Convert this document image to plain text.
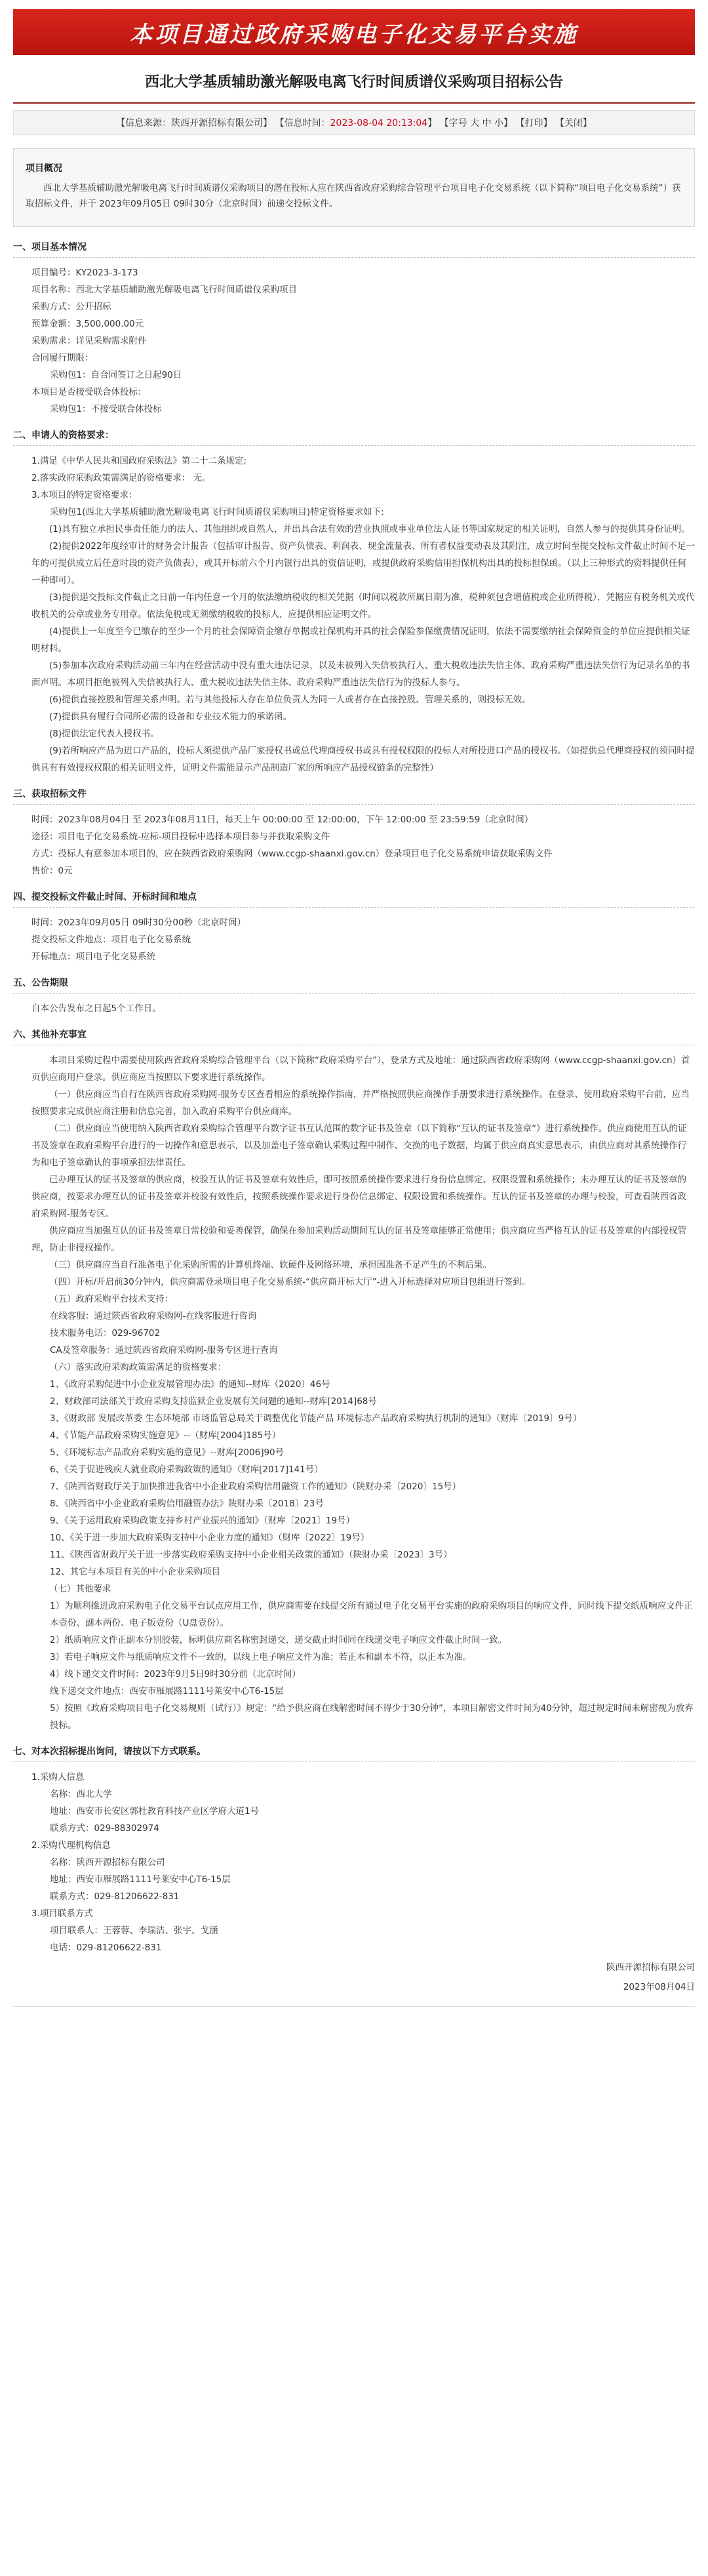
本项目通过政府采购电子化交易平台实施
西北大学基质辅助激光解吸电离飞行时间质谱仪采购项目招标公告
【信息来源：陕西开源招标有限公司】 【信息时间：2023-08-04 20:13:04】 【字号 大 中 小】 【打印】 【关闭】
项目概况
西北大学基质辅助激光解吸电离飞行时间质谱仪采购项目的潜在投标人应在陕西省政府采购综合管理平台项目电子化交易系统（以下简称“项目电子化交易系统”）获取招标文件，并于 2023年09月05日 09时30分（北京时间）前递交投标文件。
一、项目基本情况
项目编号：KY2023-3-173
项目名称：西北大学基质辅助激光解吸电离飞行时间质谱仪采购项目
采购方式：公开招标
预算金额：3,500,000.00元
采购需求：详见采购需求附件
合同履行期限：
采购包1：自合同签订之日起90日
本项目是否接受联合体投标：
采购包1：不接受联合体投标
二、申请人的资格要求：
1.满足《中华人民共和国政府采购法》第二十二条规定;
2.落实政府采购政策需满足的资格要求： 无。
3.本项目的特定资格要求：
采购包1(西北大学基质辅助激光解吸电离飞行时间质谱仪采购项目)特定资格要求如下:
(1)具有独立承担民事责任能力的法人、其他组织或自然人，并出具合法有效的营业执照或事业单位法人证书等国家规定的相关证明，自然人参与的提供其身份证明。
(2)提供2022年度经审计的财务会计报告（包括审计报告、资产负债表、利润表、现金流量表、所有者权益变动表及其附注，成立时间至提交投标文件截止时间不足一年的可提供成立后任意时段的资产负债表），或其开标前六个月内银行出具的资信证明，或提供政府采购信用担保机构出具的投标担保函。（以上三种形式的资料提供任何一种即可）。
(3)提供递交投标文件截止之日前一年内任意一个月的依法缴纳税收的相关凭据（时间以税款所属日期为准，税种须包含增值税或企业所得税），凭据应有税务机关或代收机关的公章或业务专用章。依法免税或无须缴纳税收的投标人，应提供相应证明文件。
(4)提供上一年度至今已缴存的至少一个月的社会保障资金缴存单据或社保机构开具的社会保险参保缴费情况证明，依法不需要缴纳社会保障资金的单位应提供相关证明材料。
(5)参加本次政府采购活动前三年内在经营活动中没有重大违法记录，以及未被列入失信被执行人、重大税收违法失信主体、政府采购严重违法失信行为记录名单的书面声明。本项目拒绝被列入失信被执行人、重大税收违法失信主体、政府采购严重违法失信行为的投标人参与。
(6)提供直接控股和管理关系声明。若与其他投标人存在单位负责人为同一人或者存在直接控股、管理关系的，则投标无效。
(7)提供具有履行合同所必需的设备和专业技术能力的承诺函。
(8)提供法定代表人授权书。
(9)若所响应产品为进口产品的，投标人须提供产品厂家授权书或总代理商授权书或具有授权权限的投标人对所投进口产品的授权书。（如提供总代理商授权的须同时提供具有有效授权权限的相关证明文件，证明文件需能显示产品制造厂家的所响应产品授权链条的完整性）
三、获取招标文件
时间：2023年08月04日 至 2023年08月11日，每天上午 00:00:00 至 12:00:00，下午 12:00:00 至 23:59:59（北京时间）
途径：项目电子化交易系统-应标-项目投标中选择本项目参与并获取采购文件
方式：投标人有意参加本项目的，应在陕西省政府采购网（www.ccgp-shaanxi.gov.cn）登录项目电子化交易系统申请获取采购文件
售价：0元
四、提交投标文件截止时间、开标时间和地点
时间：2023年09月05日 09时30分00秒（北京时间）
提交投标文件地点：项目电子化交易系统
开标地点：项目电子化交易系统
五、公告期限
自本公告发布之日起5个工作日。
六、其他补充事宜
本项目采购过程中需要使用陕西省政府采购综合管理平台（以下简称“政府采购平台”），登录方式及地址：通过陕西省政府采购网（www.ccgp-shaanxi.gov.cn）首页供应商用户登录。供应商应当按照以下要求进行系统操作。
（一）供应商应当自行在陕西省政府采购网-服务专区查看相应的系统操作指南，并严格按照供应商操作手册要求进行系统操作。在登录、使用政府采购平台前，应当按照要求完成供应商注册和信息完善，加入政府采购平台供应商库。
（二）供应商应当使用纳入陕西省政府采购综合管理平台数字证书互认范围的数字证书及签章（以下简称“互认的证书及签章”）进行系统操作。供应商使用互认的证书及签章在政府采购平台进行的一切操作和意思表示，以及加盖电子签章确认采购过程中制作、交换的电子数据，均属于供应商真实意思表示，由供应商对其系统操作行为和电子签章确认的事项承担法律责任。
已办理互认的证书及签章的供应商，校验互认的证书及签章有效性后，即可按照系统操作要求进行身份信息绑定、权限设置和系统操作；未办理互认的证书及签章的供应商，按要求办理互认的证书及签章并校验有效性后，按照系统操作要求进行身份信息绑定、权限设置和系统操作。互认的证书及签章的办理与校验，可查看陕西省政府采购网-服务专区。
供应商应当加强互认的证书及签章日常校验和妥善保管，确保在参加采购活动期间互认的证书及签章能够正常使用；供应商应当严格互认的证书及签章的内部授权管理，防止非授权操作。
（三）供应商应当自行准备电子化采购所需的计算机终端、软硬件及网络环境，承担因准备不足产生的不利后果。
（四）开标/开启前30分钟内，供应商需登录项目电子化交易系统-“供应商开标大厅”-进入开标选择对应项目包组进行签到。
（五）政府采购平台技术支持：
在线客服：通过陕西省政府采购网-在线客服进行咨询
技术服务电话：029-96702
CA及签章服务：通过陕西省政府采购网-服务专区进行查询
（六）落实政府采购政策需满足的资格要求：
1、《政府采购促进中小企业发展管理办法》的通知--财库（2020）46号
2、财政部司法部关于政府采购支持监狱企业发展有关问题的通知--财库[2014]68号
3、《财政部 发展改革委 生态环境部 市场监管总局关于调整优化节能产品 环境标志产品政府采购执行机制的通知》（财库〔2019〕9号）
4、《节能产品政府采购实施意见》--（财库[2004]185号）
5、《环境标志产品政府采购实施的意见》--财库[2006]90号
6、《关于促进残疾人就业政府采购政策的通知》（财库[2017]141号）
7、《陕西省财政厅关于加快推进我省中小企业政府采购信用融资工作的通知》（陕财办采〔2020〕15号）
8、《陕西省中小企业政府采购信用融资办法》陕财办采〔2018〕23号
9、《关于运用政府采购政策支持乡村产业振兴的通知》（财库〔2021〕19号）
10、《关于进一步加大政府采购支持中小企业力度的通知》（财库〔2022〕19号）
11、《陕西省财政厅关于进一步落实政府采购支持中小企业相关政策的通知》（陕财办采〔2023〕3号）
12、其它与本项目有关的中小企业采购项目
（七）其他要求
1）为顺利推进政府采购电子化交易平台试点应用工作，供应商需要在线提交所有通过电子化交易平台实施的政府采购项目的响应文件，同时线下提交纸质响应文件正本壹份、副本两份、电子版壹份（U盘壹份）。
2）纸质响应文件正副本分别胶装，标明供应商名称密封递交，递交截止时间同在线递交电子响应文件截止时间一致。
3）若电子响应文件与纸质响应文件不一致的，以线上电子响应文件为准；若正本和副本不符，以正本为准。
4）线下递交文件时间：2023年9月5日9时30分前（北京时间）
线下递交文件地点：西安市雁展路1111号莱安中心T6-15层
5）按照《政府采购项目电子化交易规则（试行）》规定：“给予供应商在线解密时间不得少于30分钟”，本项目解密文件时间为40分钟，超过规定时间未解密视为放弃投标。
七、对本次招标提出询问，请按以下方式联系。
1.采购人信息
名称：西北大学
地址：西安市长安区郭杜教育科技产业区学府大道1号
联系方式：029-88302974
2.采购代理机构信息
名称：陕西开源招标有限公司
地址：西安市雁展路1111号莱安中心T6-15层
联系方式：029-81206622-831
3.项目联系方式
项目联系人：王蓉蓉、李瑞洁、张宇、戈涵
电话：029-81206622-831
陕西开源招标有限公司
2023年08月04日
